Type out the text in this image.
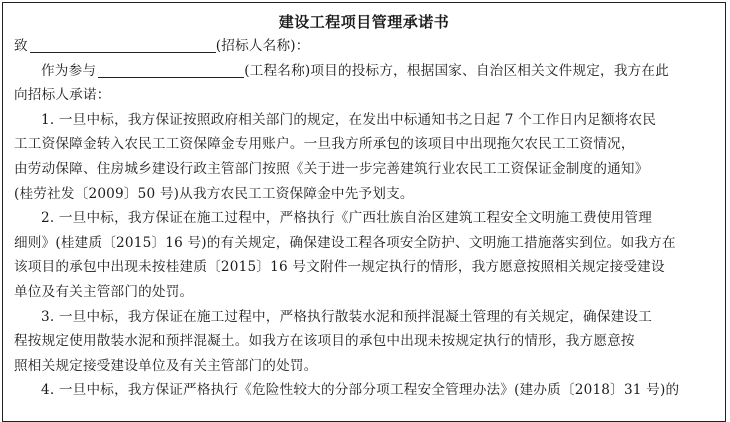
建设工程项目管理承诺书
致	(招标人名称)：
作为参与	(工程名称)项目的投标方，根据国家、自治区相关文件规定，我方在此
向招标人承诺：
1. 一旦中标，我方保证按照政府相关部门的规定，在发出中标通知书之日起 7 个工作日内足额将农民
工工资保障金转入农民工工资保障金专用账户。一旦我方所承包的该项目中出现拖欠农民工工资情况，
由劳动保障、住房城乡建设行政主管部门按照《关于进一步完善建筑行业农民工工资保证金制度的通知》
(桂劳社发〔2009〕50 号)从我方农民工工资保障金中先予划支。
2. 一旦中标，我方保证在施工过程中，严格执行《广西壮族自治区建筑工程安全文明施工费使用管理
细则》(桂建质〔2015〕16 号)的有关规定，确保建设工程各项安全防护、文明施工措施落实到位。如我方在
该项目的承包中出现未按桂建质〔2015〕16 号文附件一规定执行的情形，我方愿意按照相关规定接受建设
单位及有关主管部门的处罚。
3. 一旦中标，我方保证在施工过程中，严格执行散装水泥和预拌混凝土管理的有关规定，确保建设工
程按规定使用散装水泥和预拌混凝土。如我方在该项目的承包中出现未按规定执行的情形，我方愿意按
照相关规定接受建设单位及有关主管部门的处罚。
4. 一旦中标，我方保证严格执行《危险性较大的分部分项工程安全管理办法》(建办质〔2018〕31 号)的
